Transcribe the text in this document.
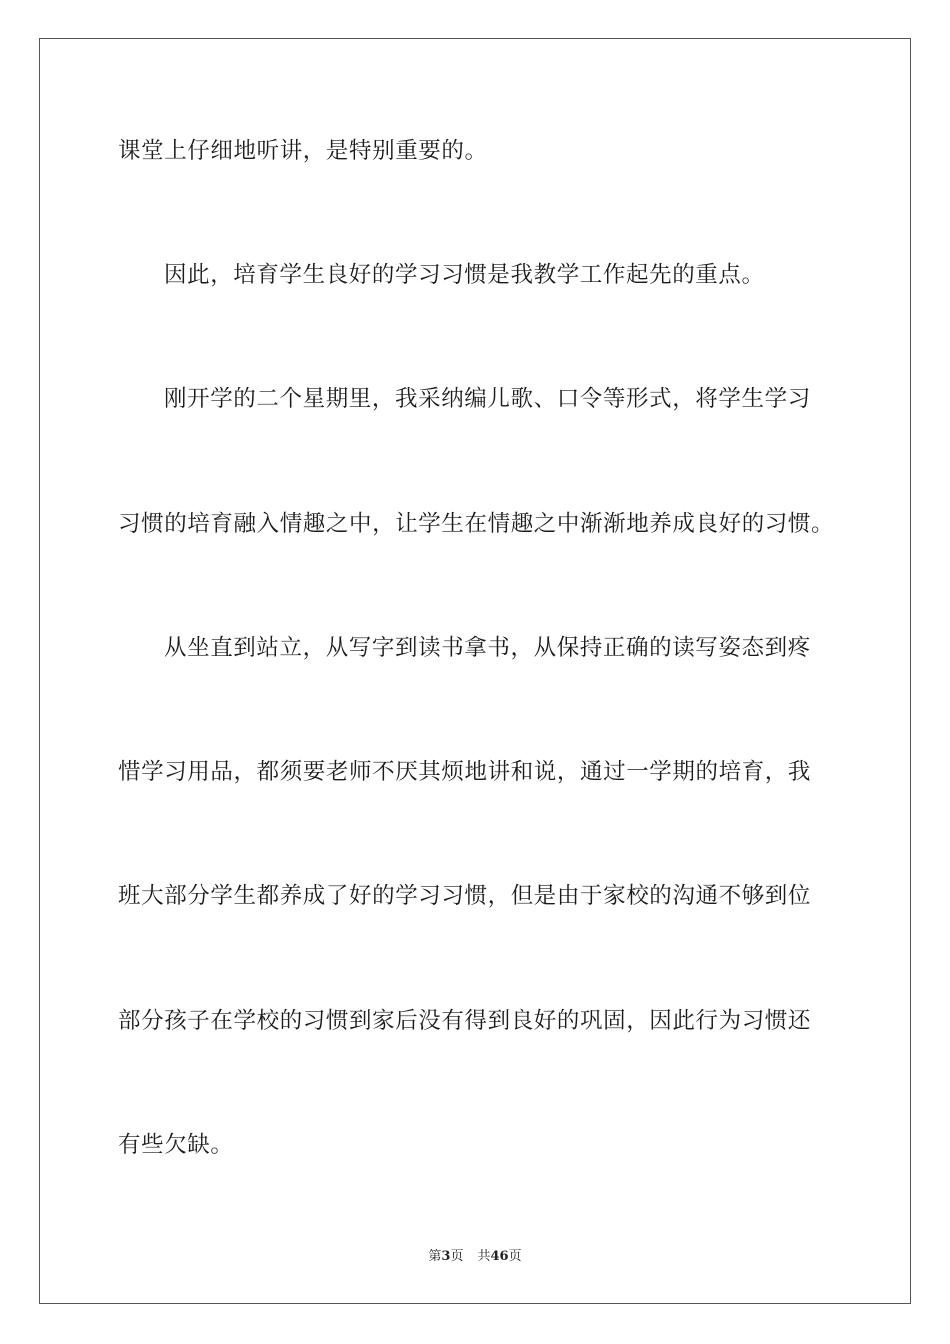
课堂上仔细地听讲，是特别重要的。
因此，培育学生良好的学习习惯是我教学工作起先的重点。
刚开学的二个星期里，我采纳编儿歌、口令等形式，将学生学习
习惯的培育融入情趣之中，让学生在情趣之中渐渐地养成良好的习惯。
从坐直到站立，从写字到读书拿书，从保持正确的读写姿态到疼
惜学习用品，都须要老师不厌其烦地讲和说，通过一学期的培育，我
班大部分学生都养成了好的学习习惯，但是由于家校的沟通不够到位
部分孩子在学校的习惯到家后没有得到良好的巩固，因此行为习惯还
有些欠缺。
第3页 共46页
